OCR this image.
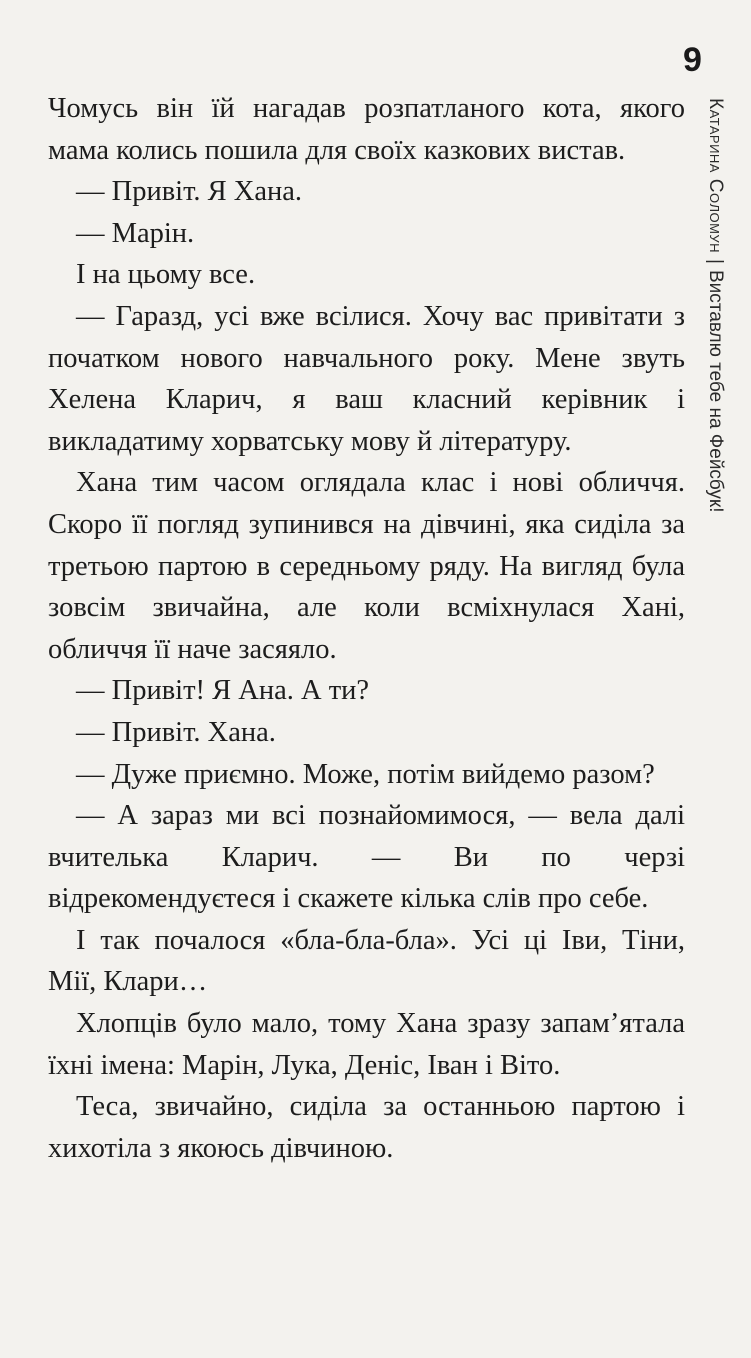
9
Катарина Соломун|Виставлю тебе на Фейсбук!

Чомусь він їй нагадав розпатланого кота, якого мама колись пошила для своїх казкових вистав.

— Привіт. Я Хана.

— Марін.

І на цьому все.

— Гаразд, усі вже всілися. Хочу вас привітати з початком нового навчального року. Мене звуть Хелена Кларич, я ваш класний керівник і викладатиму хорватську мову й літературу.

Хана тим часом оглядала клас і нові обличчя. Скоро її погляд зупинився на дівчині, яка сиділа за третьою партою в середньому ряду. На вигляд була зовсім звичайна, але коли всміхнулася Хані, обличчя її наче засяяло.

— Привіт! Я Ана. А ти?

— Привіт. Хана.

— Дуже приємно. Може, потім вийдемо разом?

— А зараз ми всі познайомимося, — вела далі вчителька Кларич. — Ви по черзі відрекомендуєтеся і скажете кілька слів про себе.

І так почалося «бла-бла-бла». Усі ці Іви, Тіни, Мії, Клари…

Хлопців було мало, тому Хана зразу запам’ятала їхні імена: Марін, Лука, Деніс, Іван і Віто.

Теса, звичайно, сиділа за останньою партою і хихотіла з якоюсь дівчиною.
